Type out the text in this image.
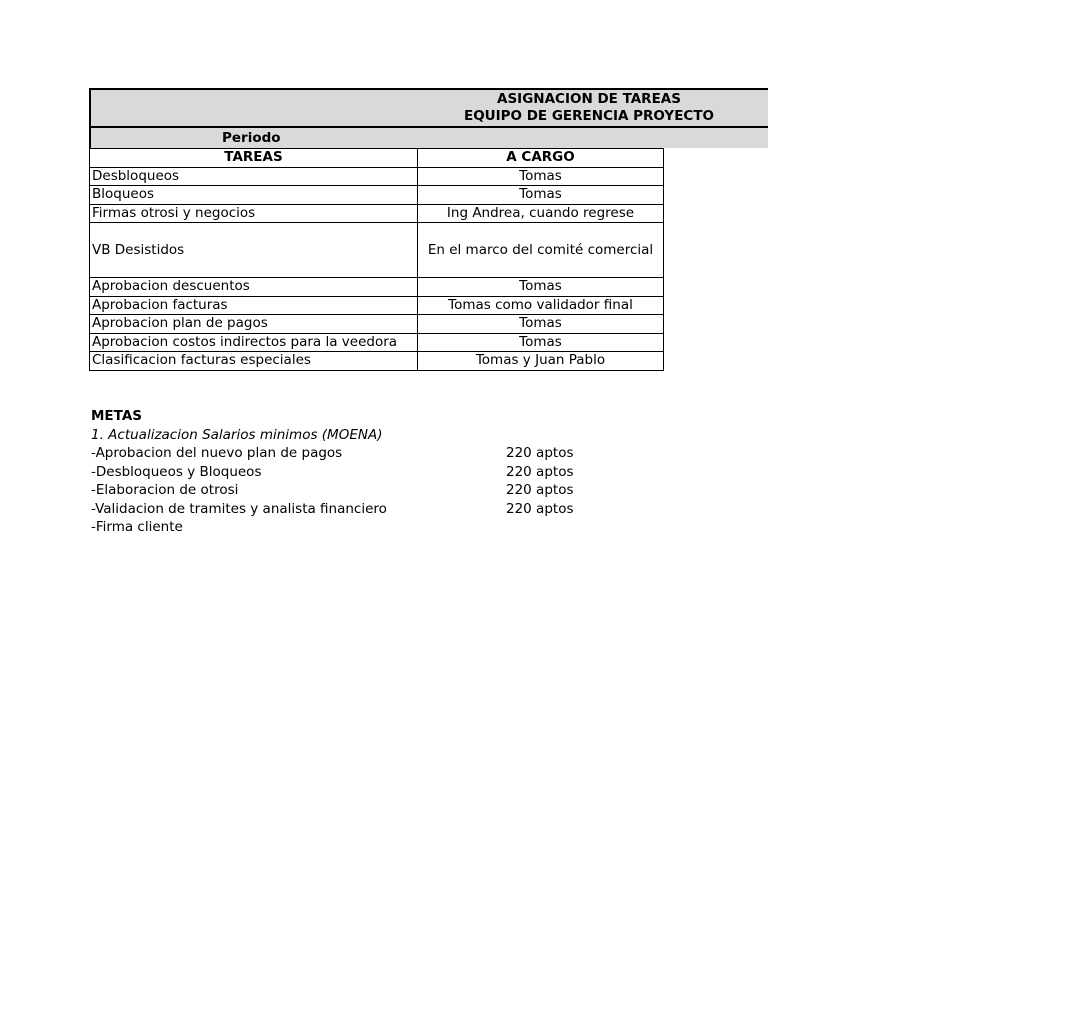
ASIGNACION DE TAREAS
EQUIPO DE GERENCIA PROYECTO
Periodo
TAREAS	A CARGO
Desbloqueos	Tomas
Bloqueos	Tomas
Firmas otrosi y negocios	Ing Andrea, cuando regrese
VB Desistidos	En el marco del comité comercial
Aprobacion descuentos	Tomas
Aprobacion facturas	Tomas como validador final
Aprobacion plan de pagos	Tomas
Aprobacion costos indirectos para la veedora	Tomas
Clasificacion facturas especiales	Tomas y Juan Pablo
METAS
1. Actualizacion Salarios minimos (MOENA)
-Aprobacion del nuevo plan de pagos	220 aptos
-Desbloqueos y Bloqueos	220 aptos
-Elaboracion de otrosi	220 aptos
-Validacion de tramites y analista financiero	220 aptos
-Firma cliente
